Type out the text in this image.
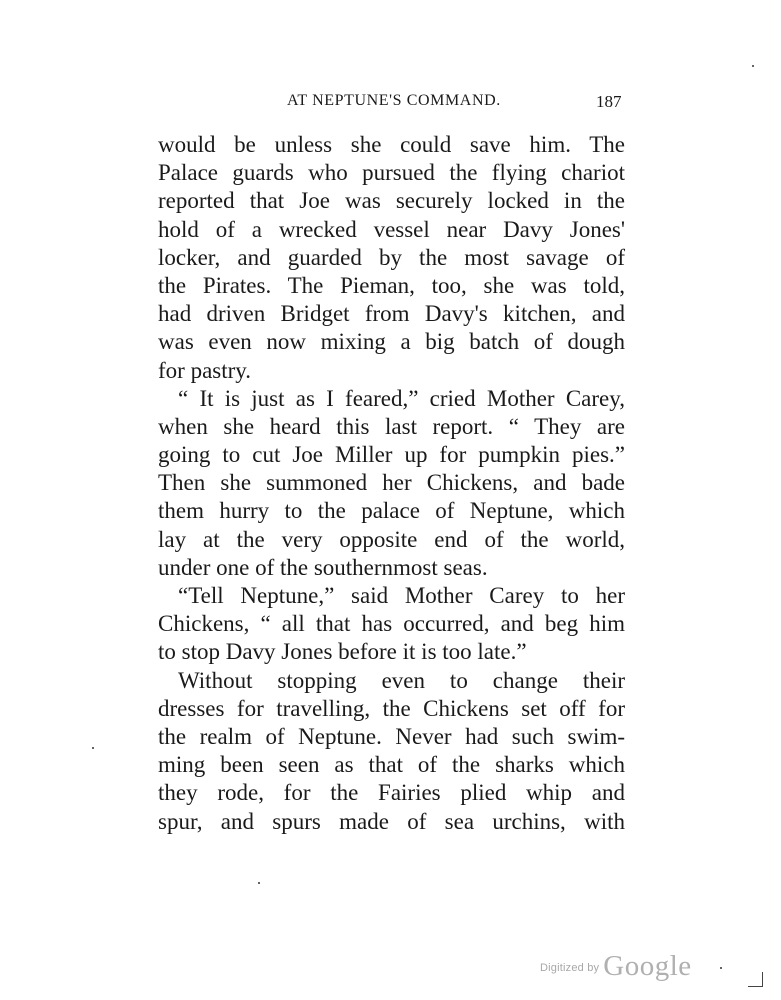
AT NEPTUNE'S COMMAND.	187
would be unless she could save him. The
Palace guards who pursued the flying chariot
reported that Joe was securely locked in the
hold of a wrecked vessel near Davy Jones'
locker, and guarded by the most savage of
the Pirates. The Pieman, too, she was told,
had driven Bridget from Davy's kitchen, and
was even now mixing a big batch of dough
for pastry.
“ It is just as I feared,” cried Mother Carey,
when she heard this last report. “ They are
going to cut Joe Miller up for pumpkin pies.”
Then she summoned her Chickens, and bade
them hurry to the palace of Neptune, which
lay at the very opposite end of the world,
under one of the southernmost seas.
“Tell Neptune,” said Mother Carey to her
Chickens, “ all that has occurred, and beg him
to stop Davy Jones before it is too late.”
Without stopping even to change their
dresses for travelling, the Chickens set off for
the realm of Neptune. Never had such swim-
ming been seen as that of the sharks which
they rode, for the Fairies plied whip and
spur, and spurs made of sea urchins, with
$^{Digitized by}$ Google
